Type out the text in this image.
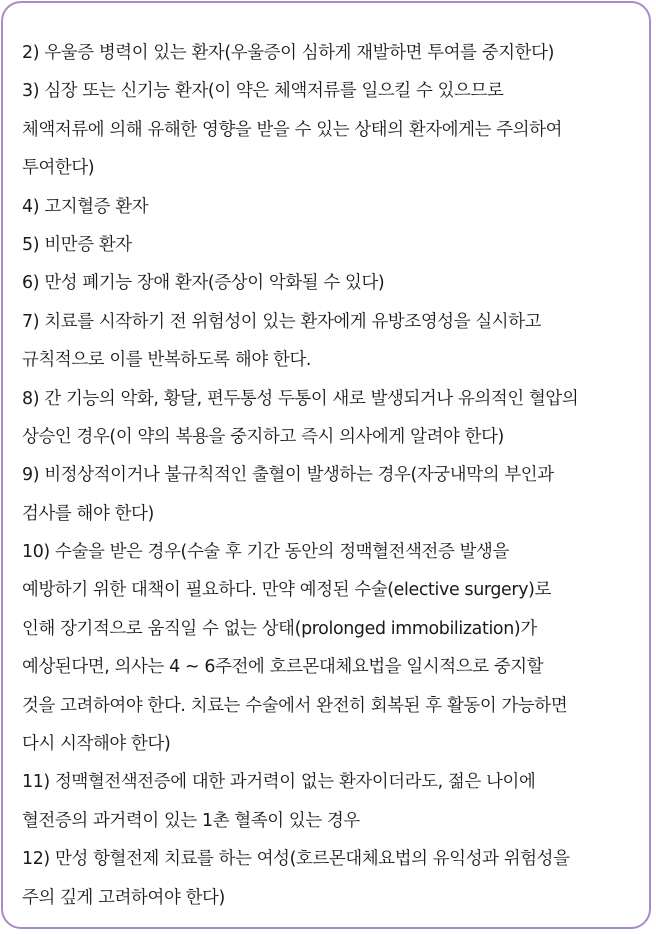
2) 우울증 병력이 있는 환자(우울증이 심하게 재발하면 투여를 중지한다)
3) 심장 또는 신기능 환자(이 약은 체액저류를 일으킬 수 있으므로
체액저류에 의해 유해한 영향을 받을 수 있는 상태의 환자에게는 주의하여
투여한다)
4) 고지혈증 환자
5) 비만증 환자
6) 만성 폐기능 장애 환자(증상이 악화될 수 있다)
7) 치료를 시작하기 전 위험성이 있는 환자에게 유방조영성을 실시하고
규칙적으로 이를 반복하도록 해야 한다.
8) 간 기능의 악화, 황달, 편두통성 두통이 새로 발생되거나 유의적인 혈압의
상승인 경우(이 약의 복용을 중지하고 즉시 의사에게 알려야 한다)
9) 비정상적이거나 불규칙적인 출혈이 발생하는 경우(자궁내막의 부인과
검사를 해야 한다)
10) 수술을 받은 경우(수술 후 기간 동안의 정맥혈전색전증 발생을
예방하기 위한 대책이 필요하다. 만약 예정된 수술(elective surgery)로
인해 장기적으로 움직일 수 없는 상태(prolonged immobilization)가
예상된다면, 의사는 4 ~ 6주전에 호르몬대체요법을 일시적으로 중지할
것을 고려하여야 한다. 치료는 수술에서 완전히 회복된 후 활동이 가능하면
다시 시작해야 한다)
11) 정맥혈전색전증에 대한 과거력이 없는 환자이더라도, 젊은 나이에
혈전증의 과거력이 있는 1촌 혈족이 있는 경우
12) 만성 항혈전제 치료를 하는 여성(호르몬대체요법의 유익성과 위험성을
주의 깊게 고려하여야 한다)
